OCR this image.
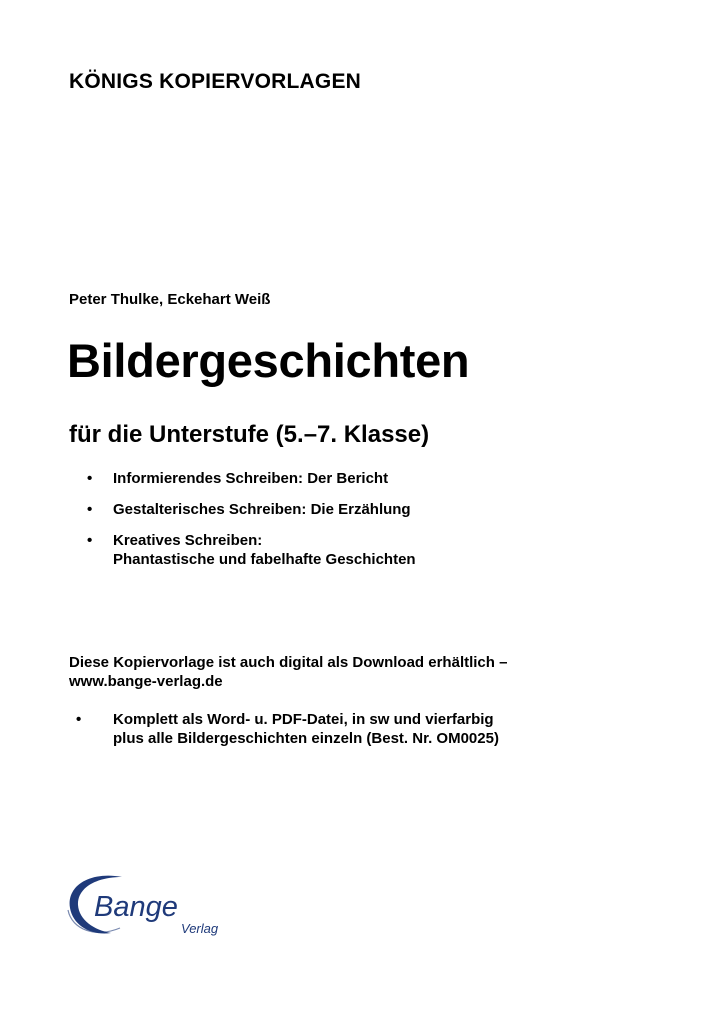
KÖNIGS KOPIERVORLAGEN

Peter Thulke, Eckehart Weiß

Bildergeschichten
für die Unterstufe (5.–7. Klasse)
• Informierendes Schreiben: Der Bericht
• Gestalterisches Schreiben: Die Erzählung
• Kreatives Schreiben:
Phantastische und fabelhafte Geschichten

Diese Kopiervorlage ist auch digital als Download erhältlich –
www.bange-verlag.de

• Komplett als Word- u. PDF-Datei, in sw und vierfarbig
plus alle Bildergeschichten einzeln (Best. Nr. OM0025)
Bange
Verlag
